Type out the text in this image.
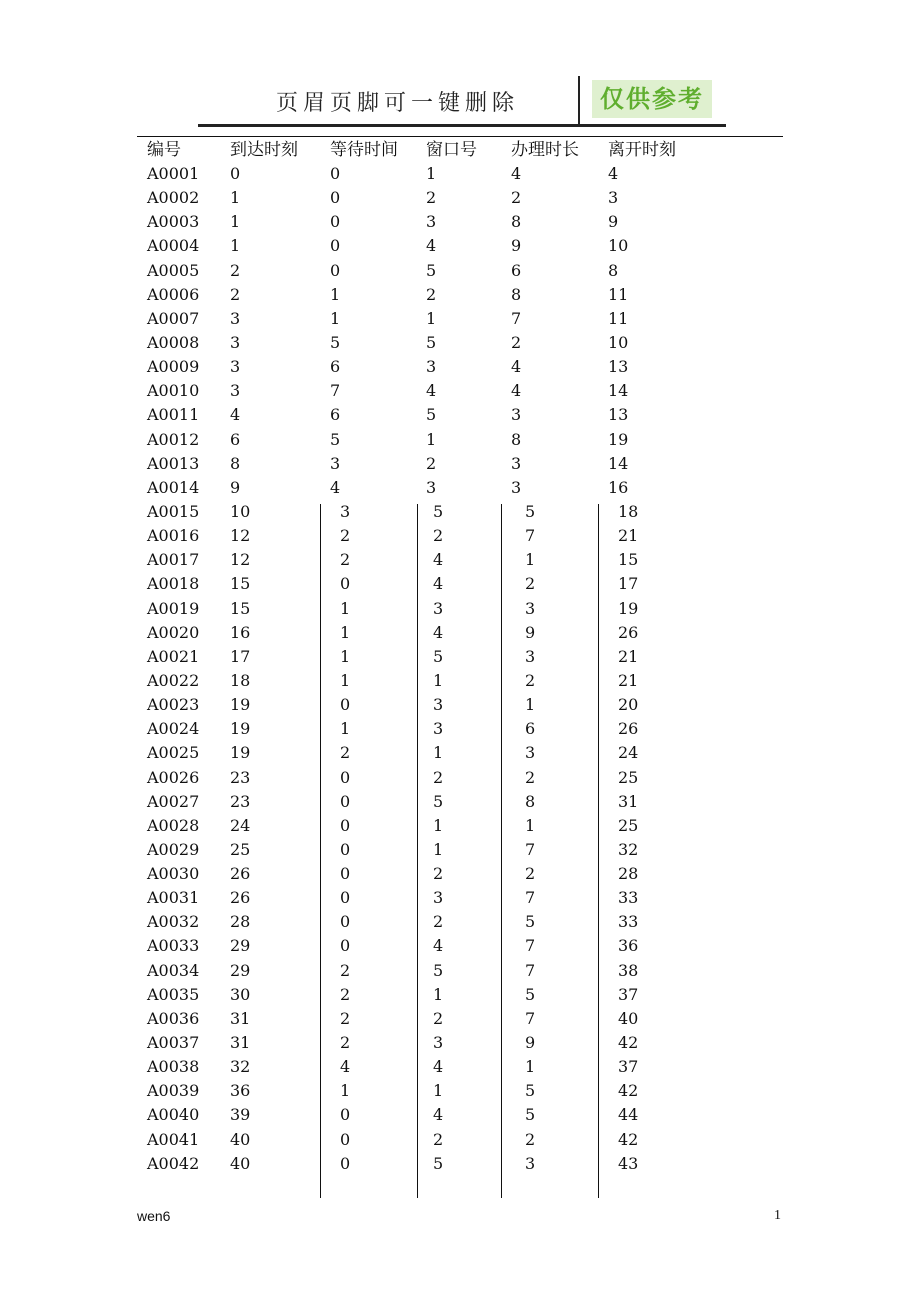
页眉页脚可一键删除	仅供参考
编号	到达时刻 等待时间 窗口号 办理时长 离开时刻
A0001 0	0	1	4	4
A0002 1	0	2	2	3
A0003 1	0	3	8	9
A0004 1	0	4	9	10
A0005 2	0	5	6	8
A0006 2	1	2	8	11
A0007 3	1	1	7	11
A0008 3	5	5	2	10
A0009 3	6	3	4	13
A0010 3	7	4	4	14
A0011 4	6	5	3	13
A0012 6	5	1	8	19
A0013 8	3	2	3	14
A0014 9	4	3	3	16
A0015 10	3	5	5	18
A0016 12	2	2	7	21
A0017 12	2	4	1	15
A0018 15	0	4	2	17
A0019 15	1	3	3	19
A0020 16	1	4	9	26
A0021 17	1	5	3	21
A0022 18	1	1	2	21
A0023 19	0	3	1	20
A0024 19	1	3	6	26
A0025 19	2	1	3	24
A0026 23	0	2	2	25
A0027 23	0	5	8	31
A0028 24	0	1	1	25
A0029 25	0	1	7	32
A0030 26	0	2	2	28
A0031 26	0	3	7	33
A0032 28	0	2	5	33
A0033 29	0	4	7	36
A0034 29	2	5	7	38
A0035 30	2	1	5	37
A0036 31	2	2	7	40
A0037 31	2	3	9	42
A0038 32	4	4	1	37
A0039 36	1	1	5	42
A0040 39	0	4	5	44
A0041 40	0	2	2	42
A0042 40	0	5	3	43
wen6	1
